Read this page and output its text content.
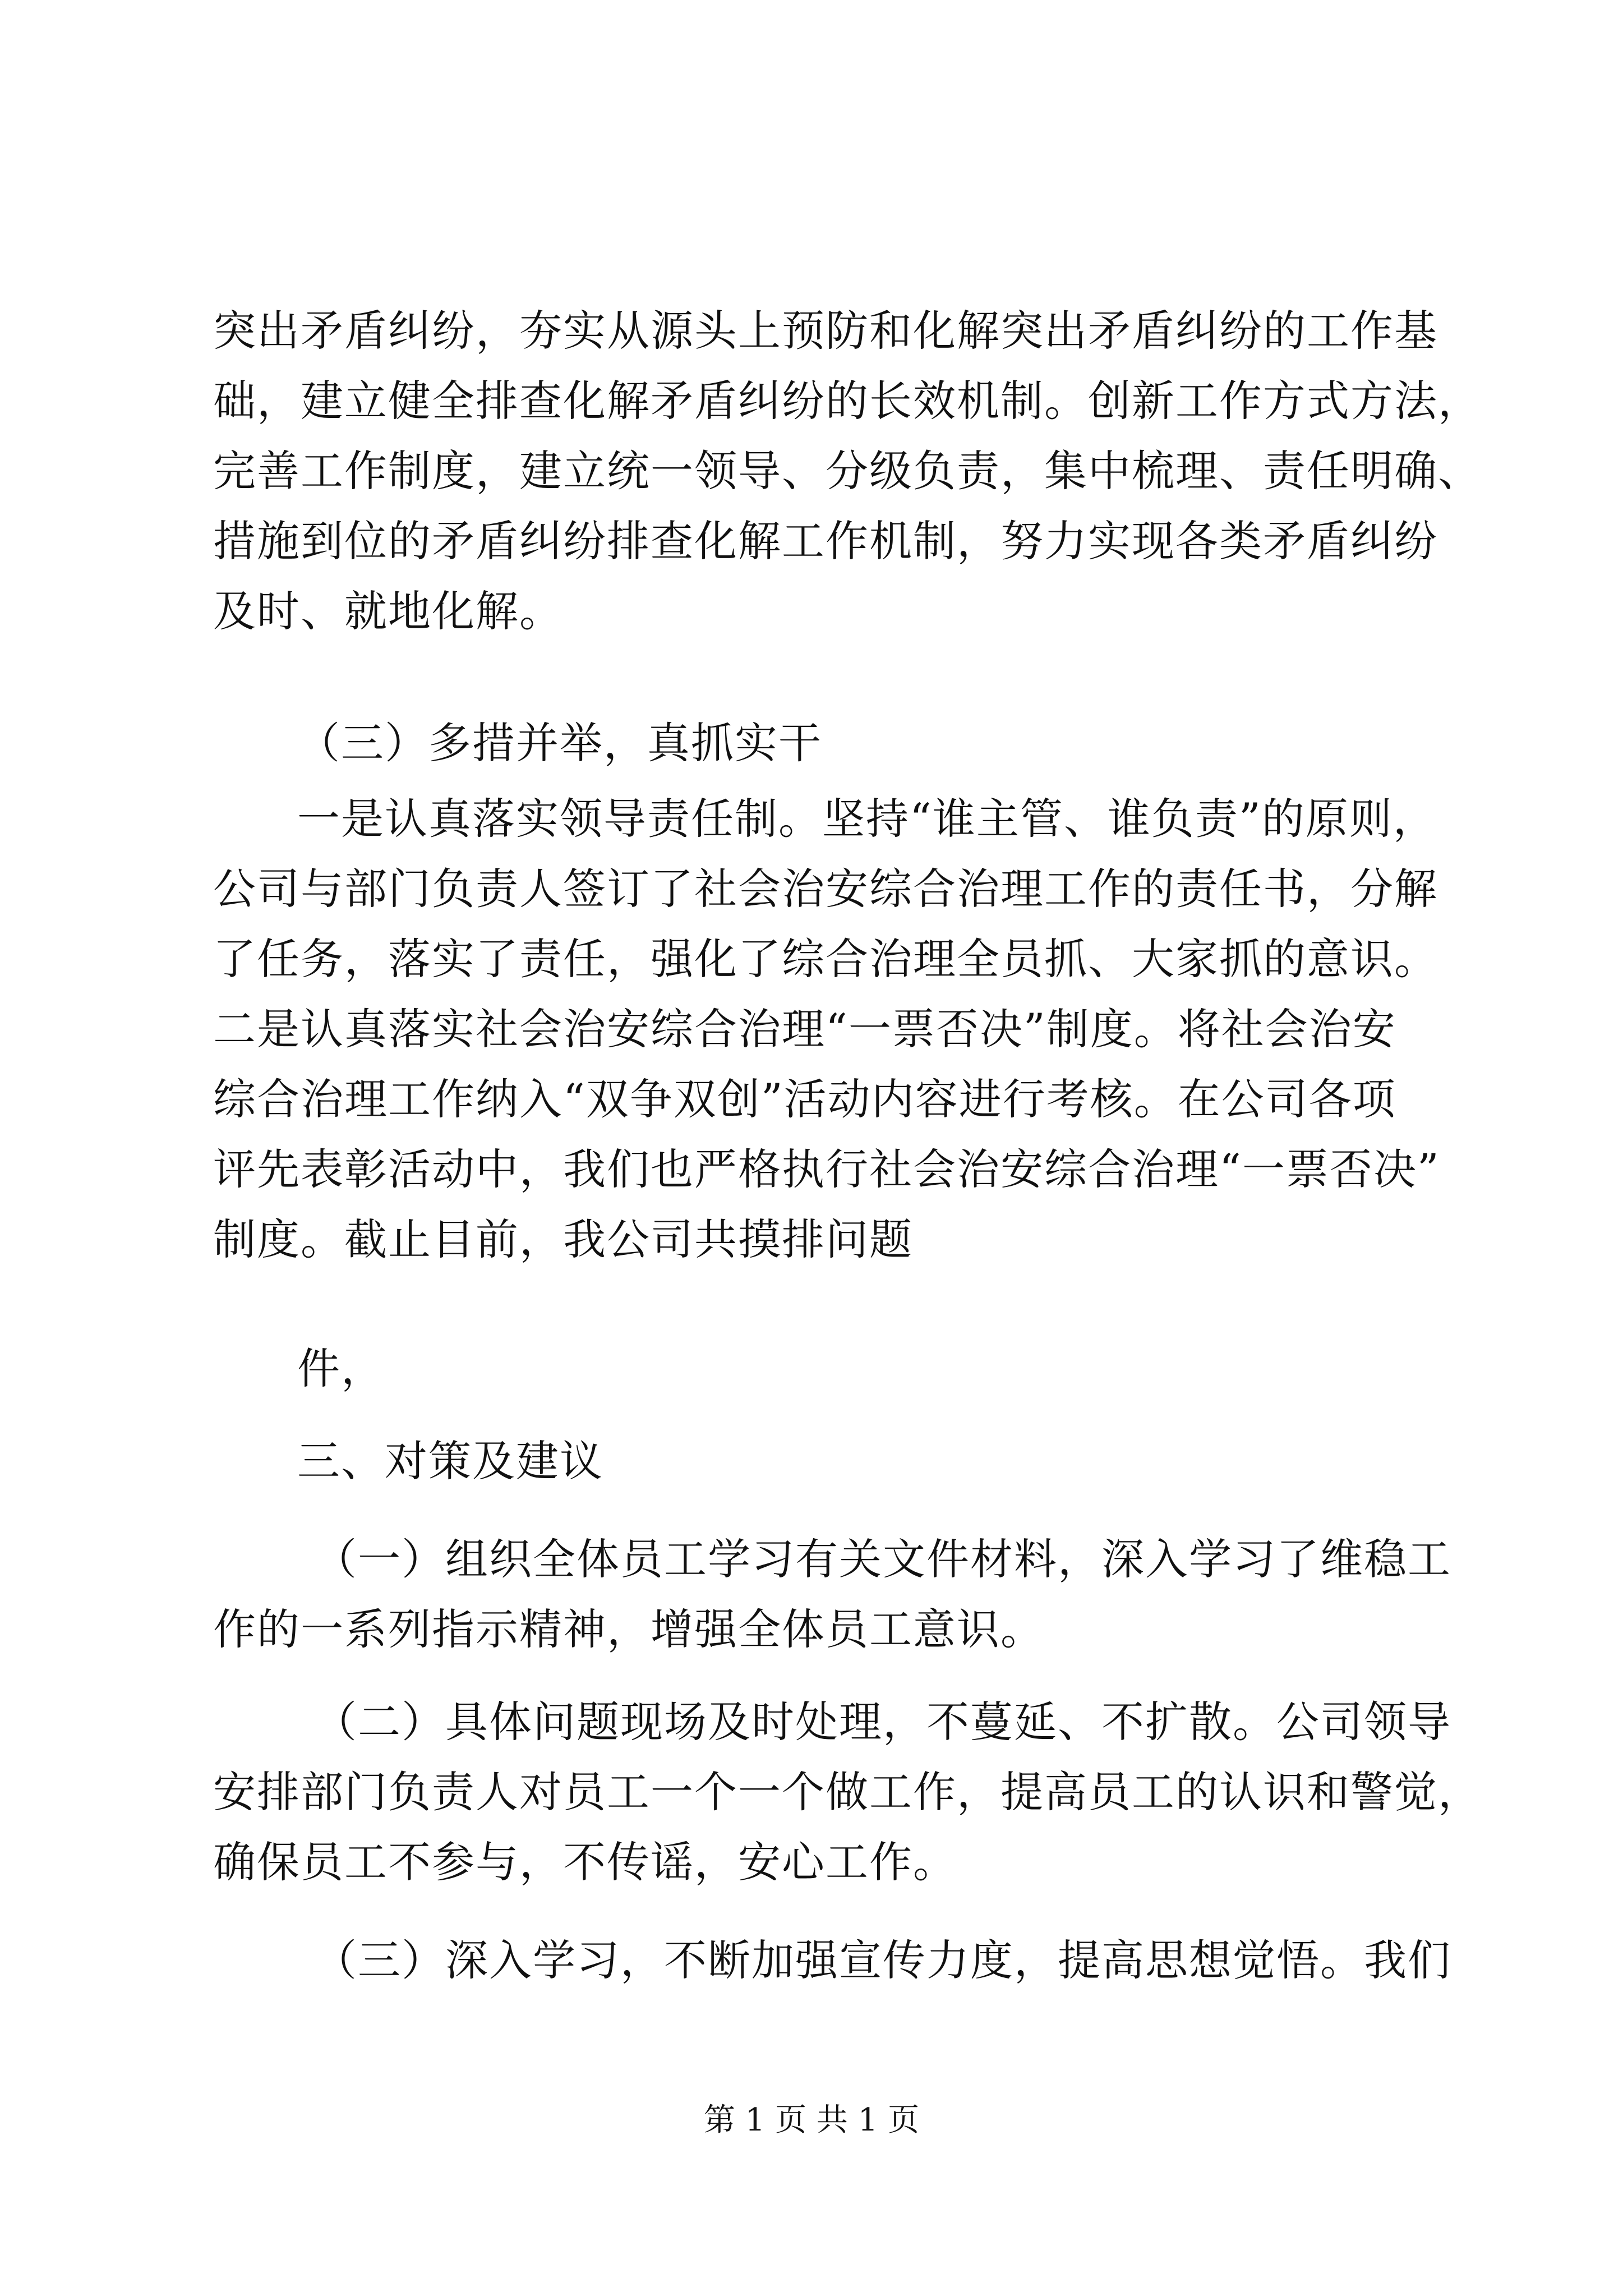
突出矛盾纠纷，夯实从源头上预防和化解突出矛盾纠纷的工作基
础，建立健全排查化解矛盾纠纷的长效机制。创新工作方式方法，
完善工作制度，建立统一领导、分级负责，集中梳理、责任明确、
措施到位的矛盾纠纷排查化解工作机制，努力实现各类矛盾纠纷
及时、就地化解。
（三）多措并举，真抓实干
一是认真落实领导责任制。坚持“谁主管、谁负责”的原则，
公司与部门负责人签订了社会治安综合治理工作的责任书，分解
了任务，落实了责任，强化了综合治理全员抓、大家抓的意识。
二是认真落实社会治安综合治理“一票否决”制度。将社会治安
综合治理工作纳入“双争双创”活动内容进行考核。在公司各项
评先表彰活动中，我们也严格执行社会治安综合治理“一票否决”
制度。截止目前，我公司共摸排问题
件，
三、对策及建议
（一）组织全体员工学习有关文件材料，深入学习了维稳工
作的一系列指示精神，增强全体员工意识。
（二）具体问题现场及时处理，不蔓延、不扩散。公司领导
安排部门负责人对员工一个一个做工作，提高员工的认识和警觉，
确保员工不参与，不传谣，安心工作。
（三）深入学习，不断加强宣传力度，提高思想觉悟。我们
第 1 页 共 1 页
